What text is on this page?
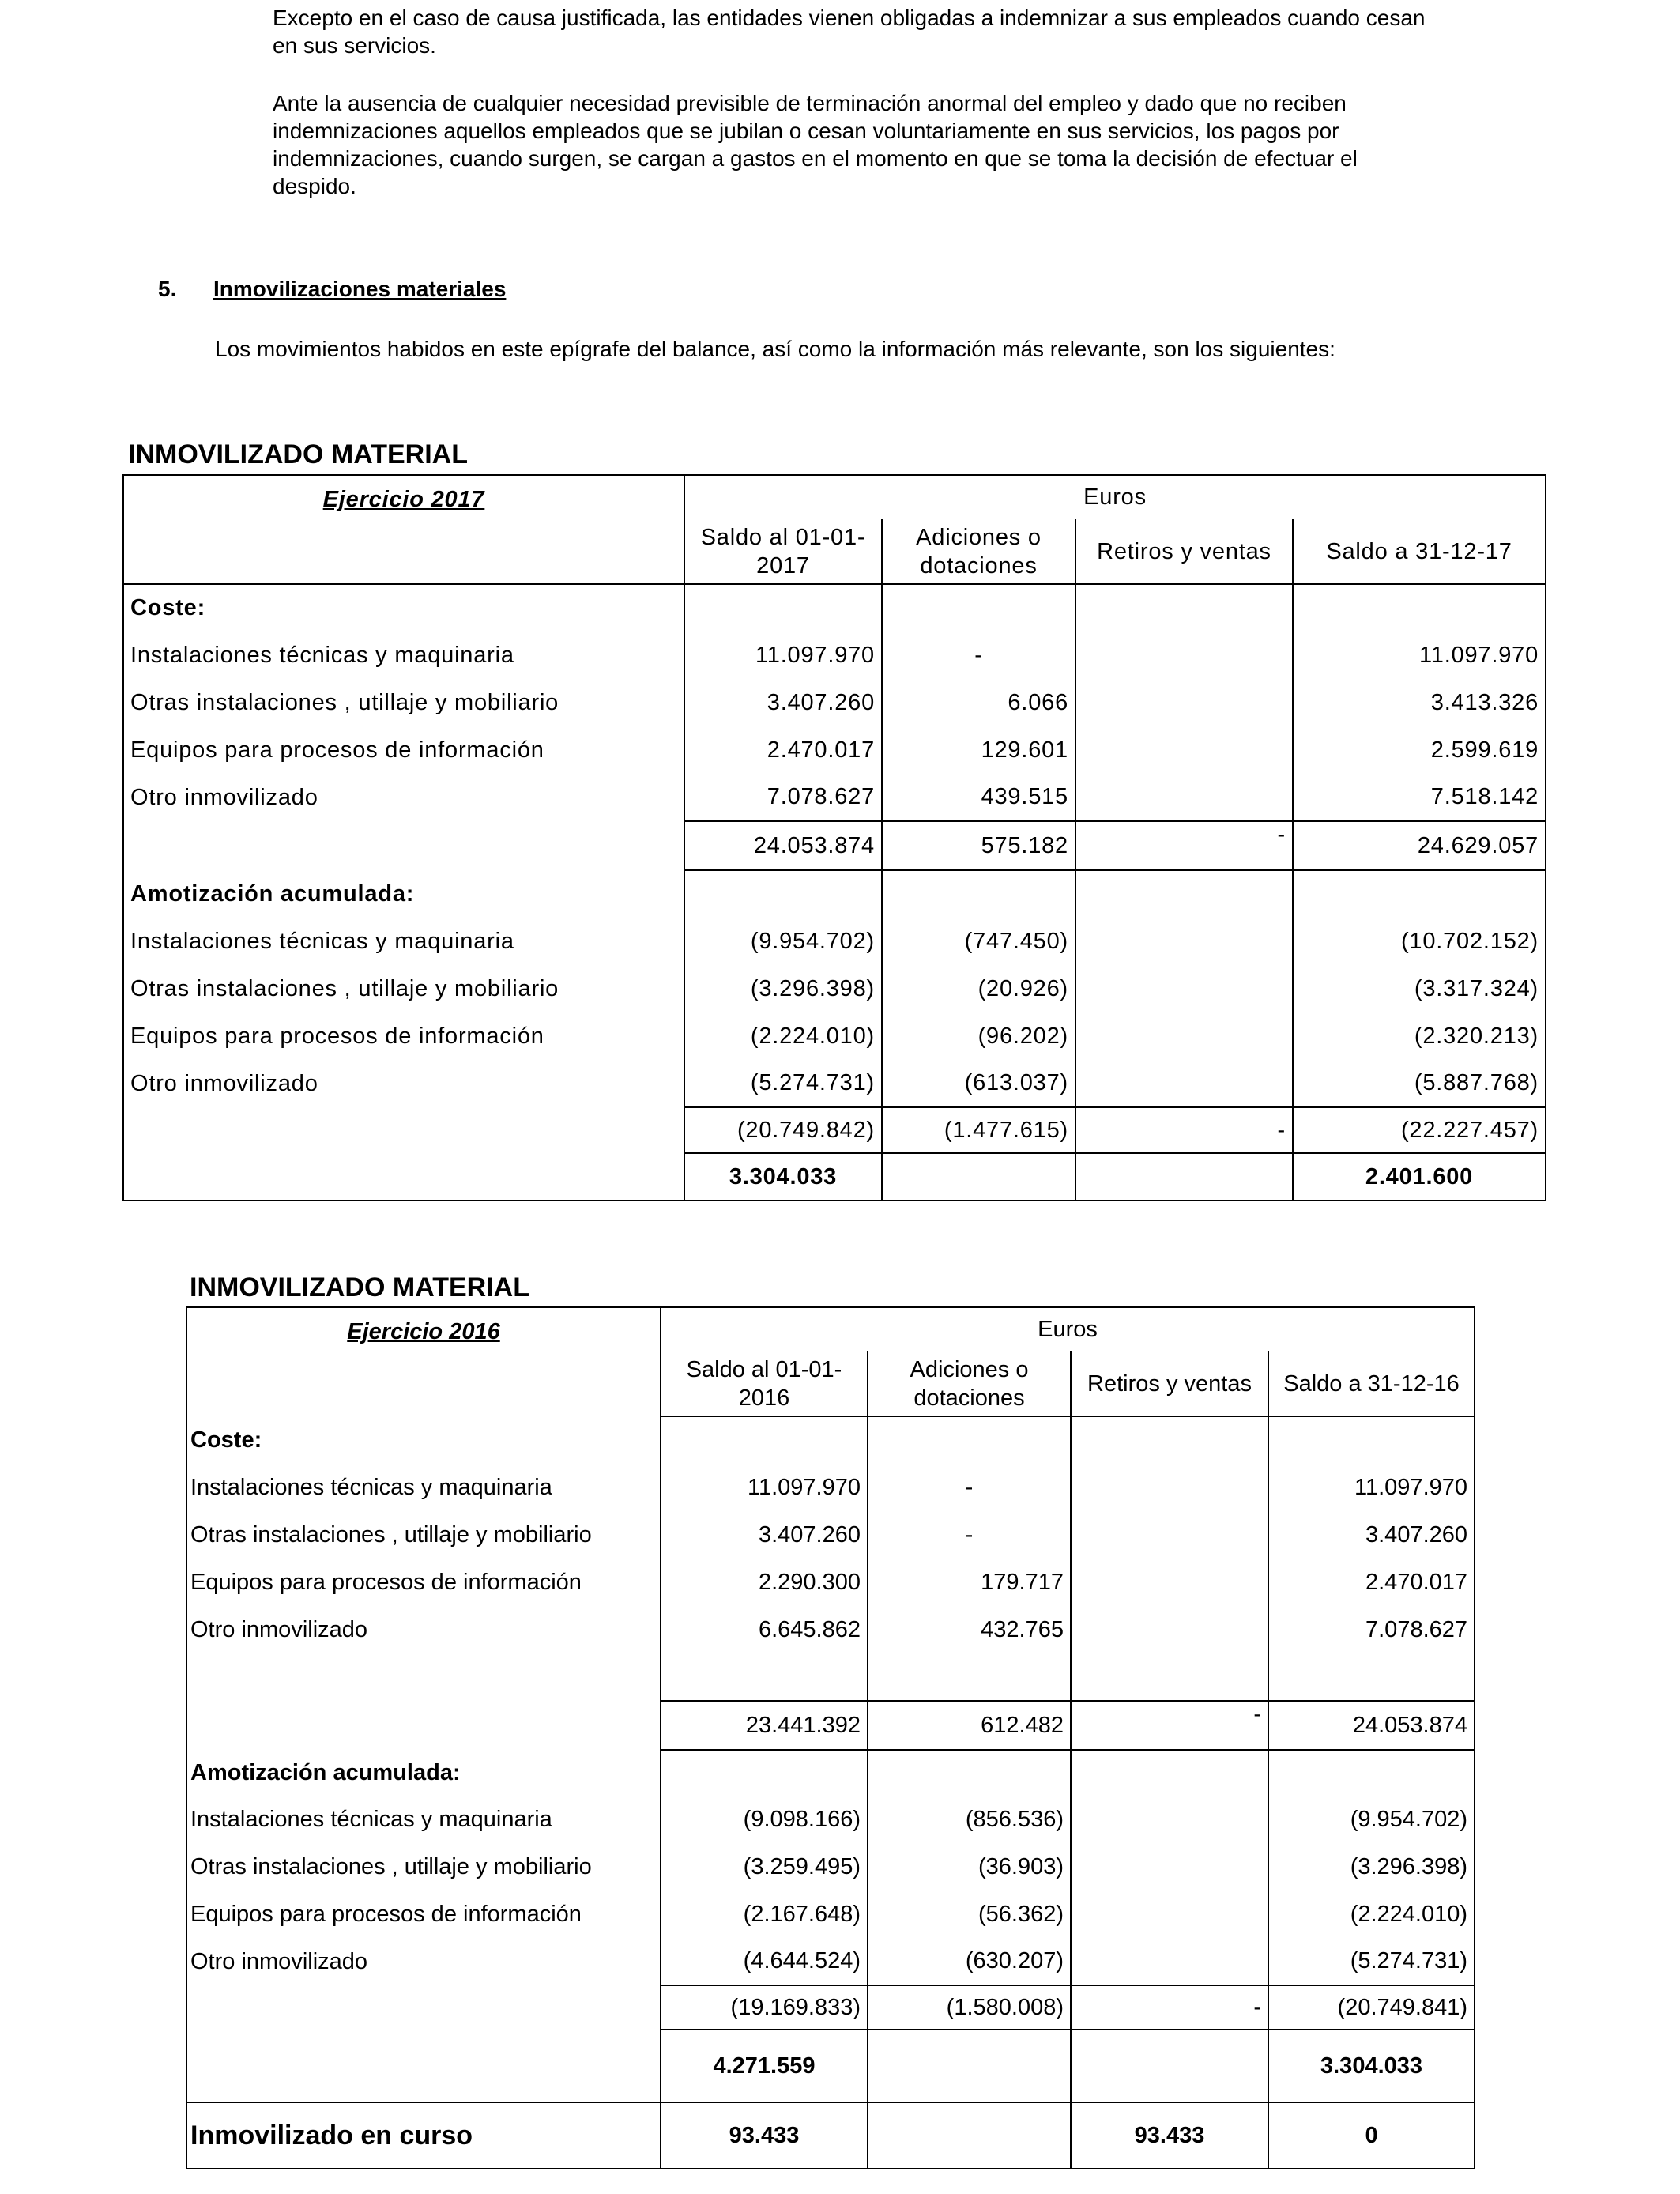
Excepto en el caso de causa justificada, las entidades vienen obligadas a indemnizar a sus empleados cuando cesan en sus servicios.
Ante la ausencia de cualquier necesidad previsible de terminación anormal del empleo y dado que no reciben indemnizaciones aquellos empleados que se jubilan o cesan voluntariamente en sus servicios, los pagos por indemnizaciones, cuando surgen, se cargan a gastos en el momento en que se toma la decisión de efectuar el despido.
5. Inmovilizaciones materiales
Los movimientos habidos en este epígrafe del balance, así como la información más relevante, son los siguientes:
INMOVILIZADO MATERIAL
Ejercicio 2017	Euros			
	Saldo al 01-01-2017	Adiciones o dotaciones	Retiros y ventas	Saldo a 31-12-17
Coste:				
Instalaciones técnicas y maquinaria	11.097.970	-		11.097.970
Otras instalaciones , utillaje y mobiliario	3.407.260	6.066		3.413.326
Equipos para procesos de información	2.470.017	129.601		2.599.619
Otro inmovilizado	7.078.627	439.515		7.518.142
	24.053.874	575.182	-	24.629.057
Amotización acumulada:				
Instalaciones técnicas y maquinaria	(9.954.702)	(747.450)		(10.702.152)
Otras instalaciones , utillaje y mobiliario	(3.296.398)	(20.926)		(3.317.324)
Equipos para procesos de información	(2.224.010)	(96.202)		(2.320.213)
Otro inmovilizado	(5.274.731)	(613.037)		(5.887.768)
	(20.749.842)	(1.477.615)	-	(22.227.457)
	3.304.033			2.401.600
INMOVILIZADO MATERIAL
Ejercicio 2016	Euros			
	Saldo al 01-01-2016	Adiciones o dotaciones	Retiros y ventas	Saldo a 31-12-16
Coste:				
Instalaciones técnicas y maquinaria	11.097.970	-		11.097.970
Otras instalaciones , utillaje y mobiliario	3.407.260	-		3.407.260
Equipos para procesos de información	2.290.300	179.717		2.470.017
Otro inmovilizado	6.645.862	432.765		7.078.627

	23.441.392	612.482	-	24.053.874
Amotización acumulada:				
Instalaciones técnicas y maquinaria	(9.098.166)	(856.536)		(9.954.702)
Otras instalaciones , utillaje y mobiliario	(3.259.495)	(36.903)		(3.296.398)
Equipos para procesos de información	(2.167.648)	(56.362)		(2.224.010)
Otro inmovilizado	(4.644.524)	(630.207)		(5.274.731)
	(19.169.833)	(1.580.008)	-	(20.749.841)
	4.271.559			3.304.033
Inmovilizado en curso	93.433		93.433	0
